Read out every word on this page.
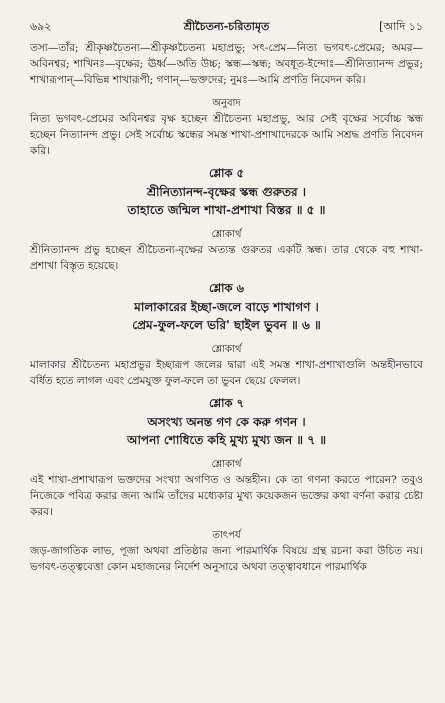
৬৯২	শ্রীচৈতন্য-চরিতামৃত	[আদি ১১

তস্য—তাঁর; শ্রীকৃষ্ণচৈতন্য—শ্রীকৃষ্ণচৈতন্য মহাপ্রভু; সৎ-প্রেম—নিত্য ভগবৎ-প্রেমের; অমর—অবিনশ্বর; শাখিনঃ—বৃক্ষের; ঊর্ধ্ব—অতি উচ্চ; স্কন্ধ—স্কন্ধ; অবধূত-ইন্দোঃ—শ্রীনিত্যানন্দ প্রভুর; শাখারূপান্—বিভিন্ন শাখারূপী; গণান্—ভক্তদের; নুমঃ—আমি প্রণতি নিবেদন করি।

অনুবাদ

নিত্য ভগবৎ-প্রেমের অবিনশ্বর বৃক্ষ হচ্ছেন শ্রীচৈতন্য মহাপ্রভু, আর সেই বৃক্ষের সর্বোচ্চ স্কন্ধ হচ্ছেন নিত্যানন্দ প্রভু। সেই সর্বোচ্চ স্কন্ধের সমস্ত শাখা-প্রশাখাদেরকে আমি সশ্রদ্ধ প্রণতি নিবেদন করি।

শ্লোক ৫
শ্রীনিত্যানন্দ-বৃক্ষের স্কন্ধ গুরুতর ।
তাহাতে জন্মিল শাখা-প্রশাখা বিস্তর ॥ ৫ ॥
শ্লোকার্থ

শ্রীনিত্যানন্দ প্রভু হচ্ছেন শ্রীচৈতন্য-বৃক্ষের অত্যন্ত গুরুতর একটি স্কন্ধ। তার থেকে বহু শাখা-প্রশাখা বিস্তৃত হয়েছে।

শ্লোক ৬
মালাকারের ইচ্ছা-জলে বাড়ে শাখাগণ ।
প্রেম-ফুল-ফলে ভরি' ছাইল ভুবন ॥ ৬ ॥
শ্লোকার্থ

মালাকার শ্রীচৈতন্য মহাপ্রভুর ইচ্ছারূপ জলের দ্বারা এই সমস্ত শাখা-প্রশাখাগুলি অন্তহীনভাবে বর্ধিত হতে লাগল এবং প্রেমযুক্ত ফুল-ফলে তা ভুবন ছেয়ে ফেলল।

শ্লোক ৭
অসংখ্য অনন্ত গণ কে করু গণন ।
আপনা শোধিতে কহি মুখ্য মুখ্য জন ॥ ৭ ॥
শ্লোকার্থ

এই শাখা-প্রশাখারূপ ভক্তদের সংখ্যা অগণিত ও অন্তহীন। কে তা গণনা করতে পারেন? তবুও নিজেকে পবিত্র করার জন্য আমি তাঁদের মধ্যেকার মুখ্য কয়েকজন ভক্তের কথা বর্ণনা করার চেষ্টা করব।

তাৎপর্য

জড়-জাগতিক লাভ, পূজা অথবা প্রতিষ্ঠার জন্য পারমার্থিক বিষয়ে গ্রন্থ রচনা করা উচিত নয়। ভগবৎ-তত্ত্ববেত্তা কোন মহাজনের নির্দেশ অনুসারে অথবা তত্ত্বাবধানে পারমার্থিক
